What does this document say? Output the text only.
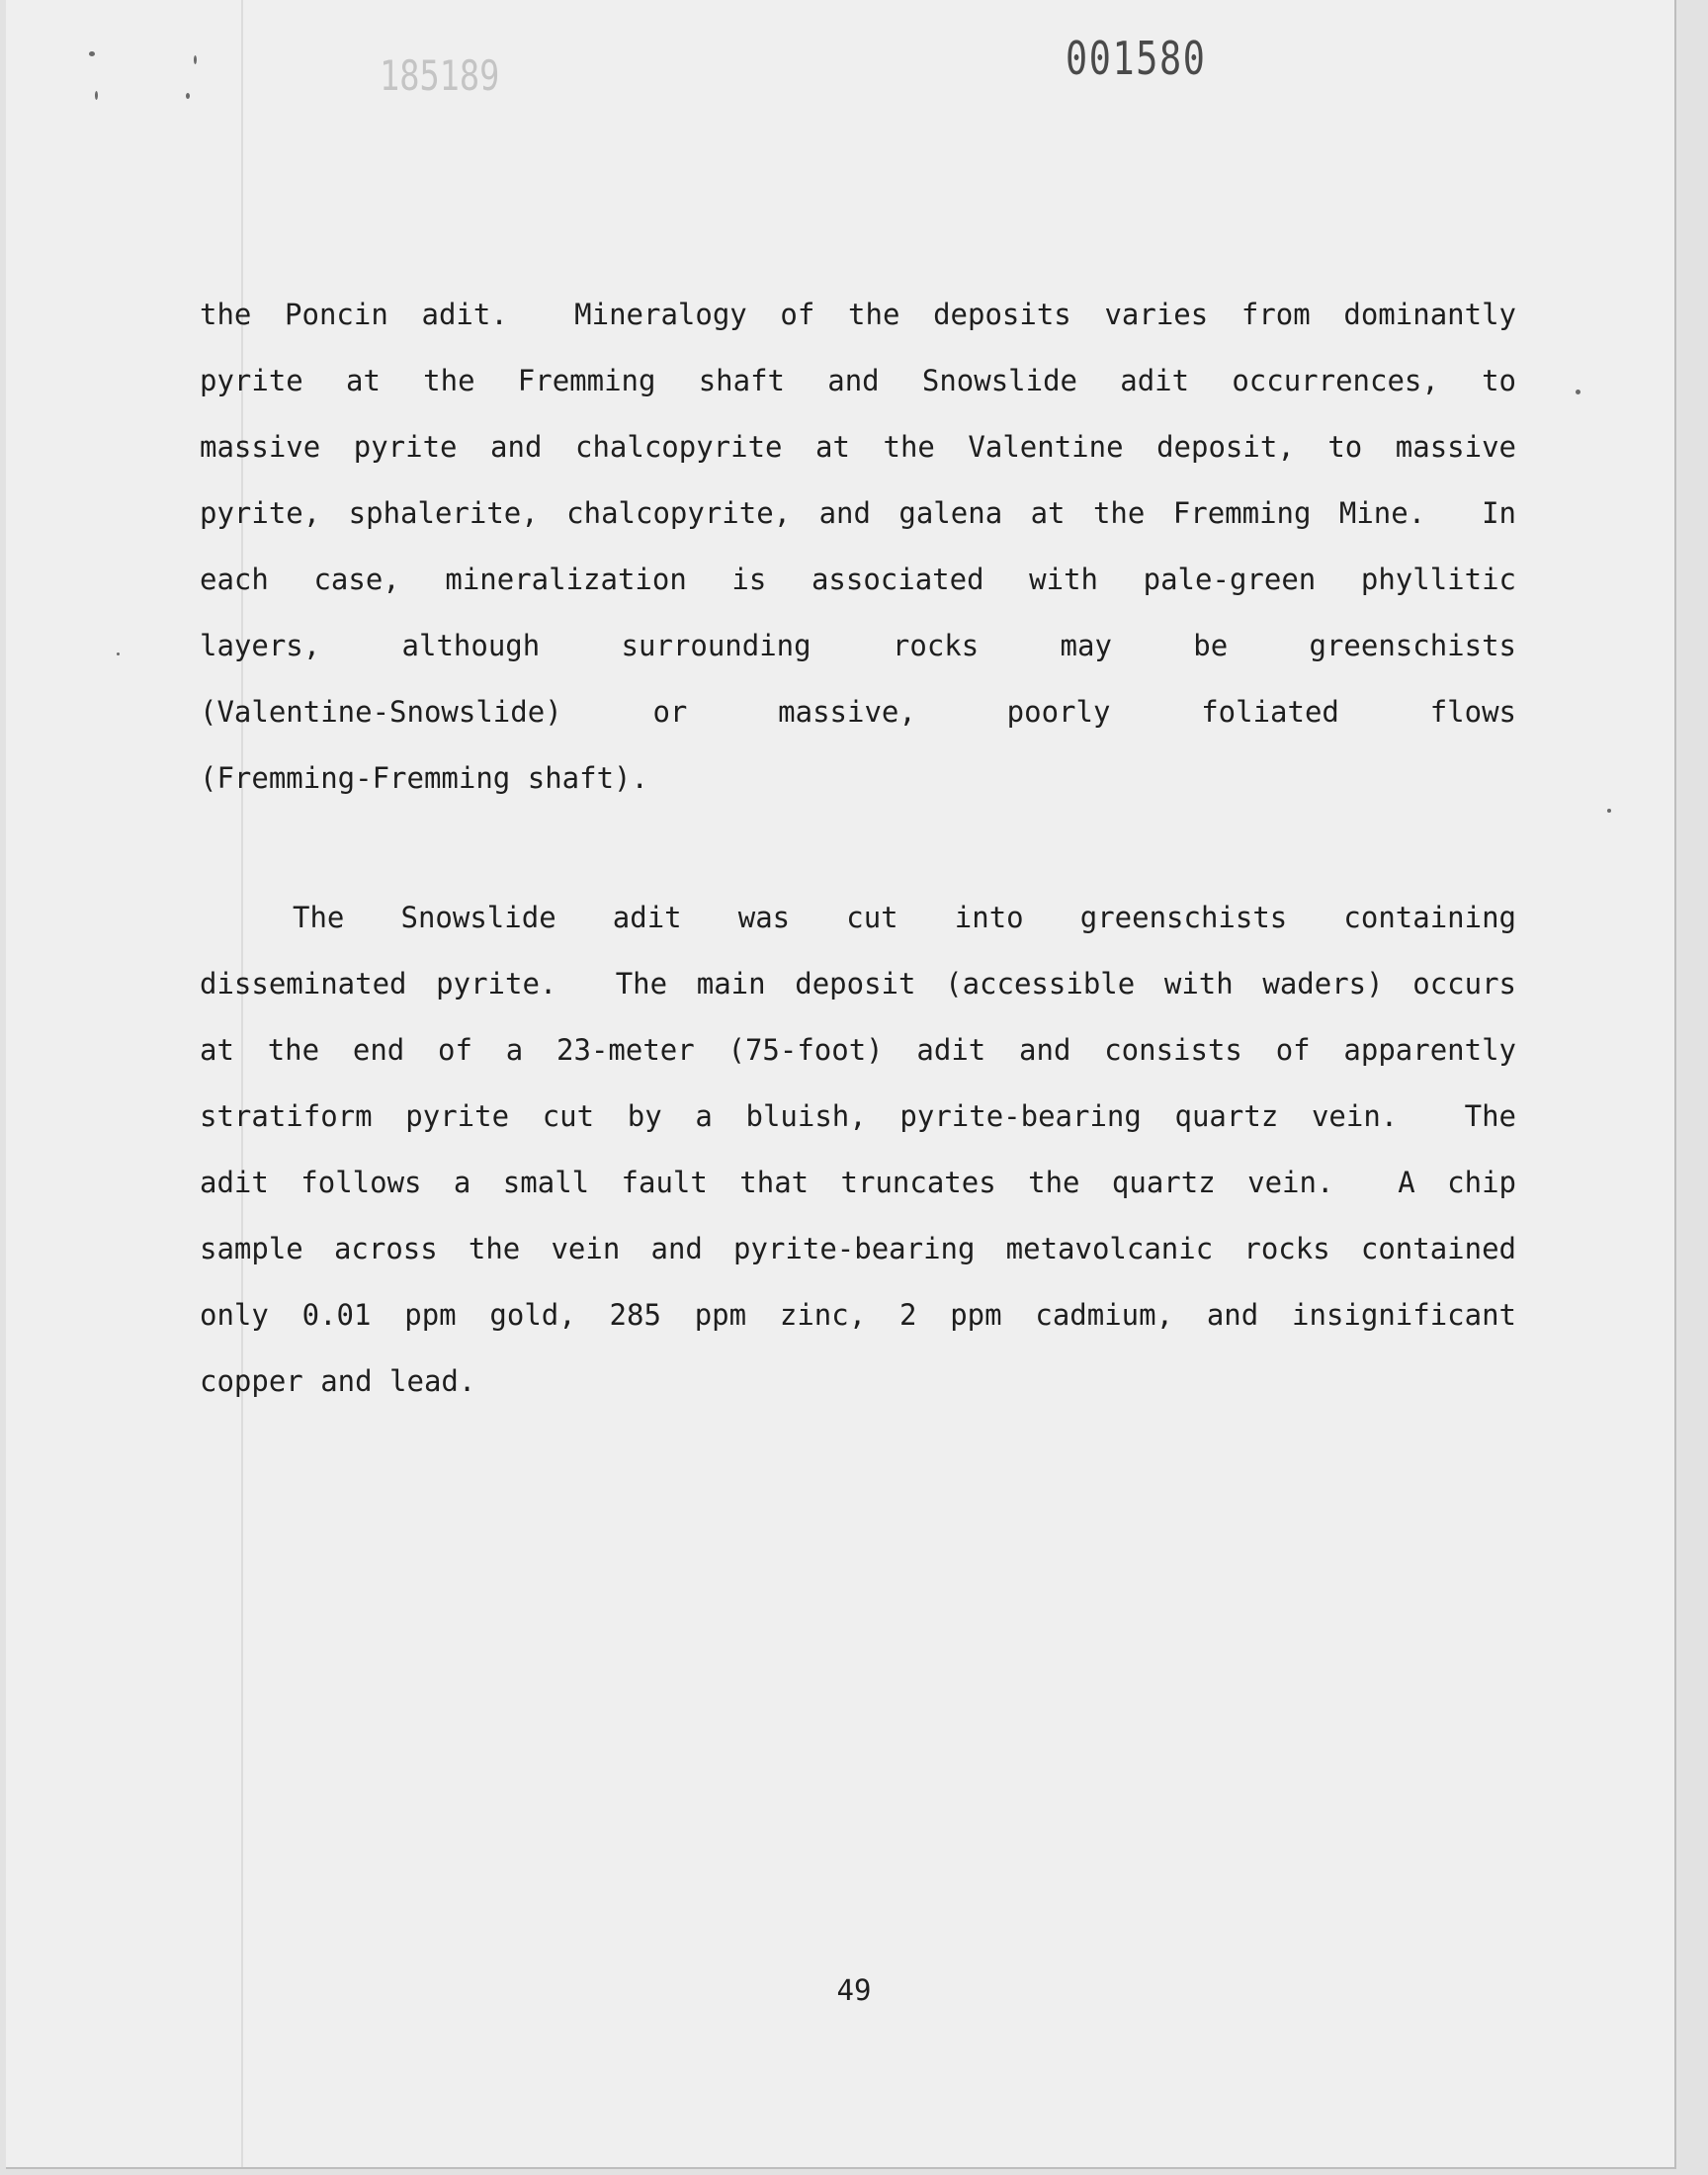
185189	001580
the Poncin adit.  Mineralogy of the deposits varies from dominantly
pyrite at the Fremming shaft and Snowslide adit occurrences, to
massive pyrite and chalcopyrite at the Valentine deposit, to massive
pyrite, sphalerite, chalcopyrite, and galena at the Fremming Mine.  In
each case, mineralization is associated with pale-green phyllitic
layers, although surrounding rocks may be greenschists
(Valentine-Snowslide) or massive, poorly foliated flows
(Fremming-Fremming shaft).
The Snowslide adit was cut into greenschists containing
disseminated pyrite.  The main deposit (accessible with waders) occurs
at the end of a 23-meter (75-foot) adit and consists of apparently
stratiform pyrite cut by a bluish, pyrite-bearing quartz vein.  The
adit follows a small fault that truncates the quartz vein.  A chip
sample across the vein and pyrite-bearing metavolcanic rocks contained
only 0.01 ppm gold, 285 ppm zinc, 2 ppm cadmium, and insignificant
copper and lead.
49
